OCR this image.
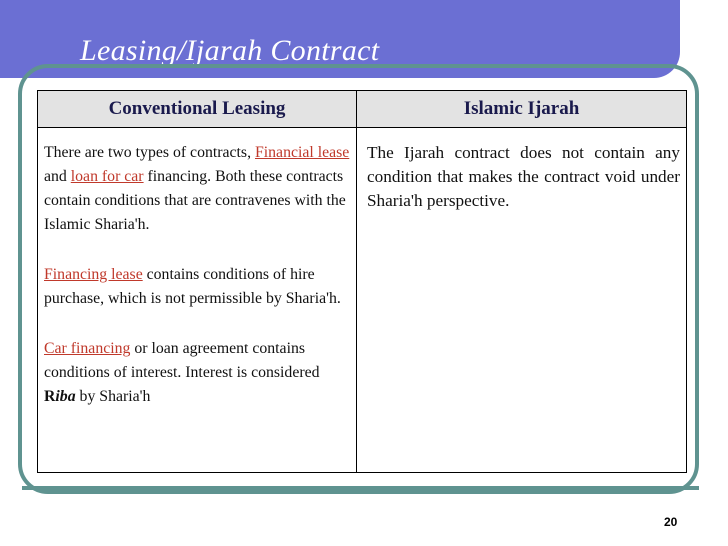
Leasing/Ijarah Contract
Conventional Leasing	Islamic Ijarah

There are two types of contracts, Financial lease and loan for car financing. Both these contracts contain conditions that are contravenes with the Islamic Sharia'h.

Financing lease contains conditions of hire purchase, which is not permissible by Sharia'h.

Car financing or loan agreement contains conditions of interest. Interest is considered Riba by Sharia'h

The Ijarah contract does not contain any condition that makes the contract void under Sharia'h perspective.
20
